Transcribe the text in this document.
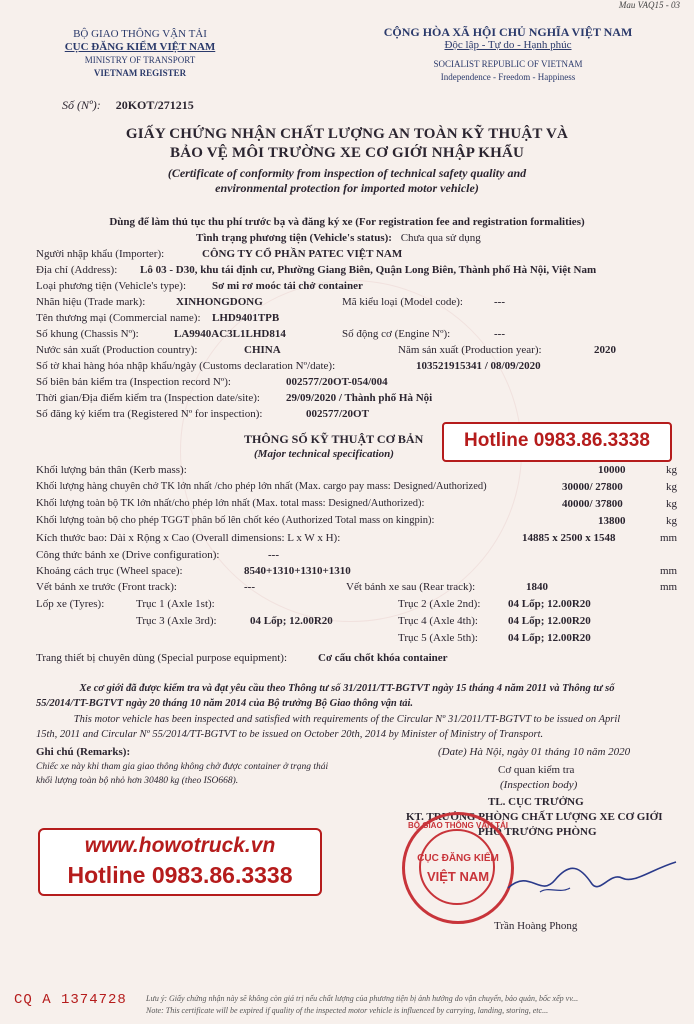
Mau VAQ15 - 03
BỘ GIAO THÔNG VẬN TẢI
CỤC ĐĂNG KIỂM VIỆT NAM
MINISTRY OF TRANSPORT
VIETNAM REGISTER
CỘNG HÒA XÃ HỘI CHỦ NGHĨA VIỆT NAM
Độc lập - Tự do - Hạnh phúc
SOCIALIST REPUBLIC OF VIETNAM
Independence - Freedom - Happiness
Số (Nº): 20KOT/271215
GIẤY CHỨNG NHẬN CHẤT LƯỢNG AN TOÀN KỸ THUẬT VÀ
BẢO VỆ MÔI TRƯỜNG XE CƠ GIỚI NHẬP KHẨU
(Certificate of conformity from inspection of technical safety quality and
environmental protection for imported motor vehicle)
Dùng để làm thủ tục thu phí trước bạ và đăng ký xe (For registration fee and registration formalities)
Tình trạng phương tiện (Vehicle's status): Chưa qua sử dụng
Người nhập khẩu (Importer):	CÔNG TY CỔ PHẦN PATEC VIỆT NAM
Địa chỉ (Address): Lô 03 - D30, khu tái định cư, Phường Giang Biên, Quận Long Biên, Thành phố Hà Nội, Việt Nam
Loại phương tiện (Vehicle's type): Sơ mi rơ moóc tải chở container
Nhãn hiệu (Trade mark):	XINHONGDONG	Mã kiểu loại (Model code):	---
Tên thương mại (Commercial name): LHD9401TPB
Số khung (Chassis Nº):	LA9940AC3L1LHD814	Số động cơ (Engine Nº):	---
Nước sản xuất (Production country):	CHINA	Năm sản xuất (Production year):	2020
Số tờ khai hàng hóa nhập khẩu/ngày (Customs declaration Nº/date):	103521915341 / 08/09/2020
Số biên bản kiểm tra (Inspection record Nº):	002577/20OT-054/004
Thời gian/Địa điểm kiểm tra (Inspection date/site): 29/09/2020 / Thành phố Hà Nội
Số đăng ký kiểm tra (Registered Nº for inspection):	002577/20OT
THÔNG SỐ KỸ THUẬT CƠ BẢN
(Major technical specification)
Hotline 0983.86.3338
Khối lượng bản thân (Kerb mass):	10000	kg
Khối lượng hàng chuyên chở TK lớn nhất /cho phép lớn nhất (Max. cargo pay mass: Designed/Authorized)	30000/ 27800	kg
Khối lượng toàn bộ TK lớn nhất/cho phép lớn nhất (Max. total mass: Designed/Authorized):	40000/ 37800	kg
Khối lượng toàn bộ cho phép TGGT phân bố lên chốt kéo (Authorized Total mass on kingpin):	13800	kg
Kích thước bao: Dài x Rộng x Cao (Overall dimensions: L x W x H):	14885 x 2500 x 1548	mm
Công thức bánh xe (Drive configuration):	---
Khoảng cách trục (Wheel space):	8540+1310+1310+1310	mm
Vết bánh xe trước (Front track):	---	Vết bánh xe sau (Rear track):	1840	mm
Lốp xe (Tyres):	Trục 1 (Axle 1st):	Trục 2 (Axle 2nd):	04 Lốp; 12.00R20
Trục 3 (Axle 3rd):	04 Lốp; 12.00R20	Trục 4 (Axle 4th):	04 Lốp; 12.00R20
Trục 5 (Axle 5th):	04 Lốp; 12.00R20
Trang thiết bị chuyên dùng (Special purpose equipment):	Cơ cấu chốt khóa container
Xe cơ giới đã được kiểm tra và đạt yêu cầu theo Thông tư số 31/2011/TT-BGTVT ngày 15 tháng 4 năm 2011 và Thông tư số
55/2014/TT-BGTVT ngày 20 tháng 10 năm 2014 của Bộ trưởng Bộ Giao thông vận tải.
This motor vehicle has been inspected and satisfied with requirements of the Circular Nº 31/2011/TT-BGTVT to be issued on April
15th, 2011 and Circular Nº 55/2014/TT-BGTVT to be issued on October 20th, 2014 by Minister of Ministry of Transport.
Ghi chú (Remarks):
Chiếc xe này khi tham gia giao thông không chở được container ở trạng thái
khối lượng toàn bộ nhỏ hơn 30480 kg (theo ISO668).
(Date) Hà Nội, ngày 01 tháng 10 năm 2020
Cơ quan kiểm tra
(Inspection body)
TL. CỤC TRƯỞNG
KT. TRƯỞNG PHÒNG CHẤT LƯỢNG XE CƠ GIỚI
PHÓ TRƯỞNG PHÒNG
BỘ GIAO THÔNG VẬN TẢI
CỤC ĐĂNG KIỂM
VIỆT NAM
Trần Hoàng Phong
www.howotruck.vn
Hotline 0983.86.3338
CQ A 1374728 Lưu ý: Giấy chứng nhận này sẽ không còn giá trị nếu chất lượng của phương tiện bị ảnh hưởng do vận chuyển, bảo quản, bốc xếp vv...
Note: This certificate will be expired if quality of the inspected motor vehicle is influenced by carrying, landing, storing, etc...
